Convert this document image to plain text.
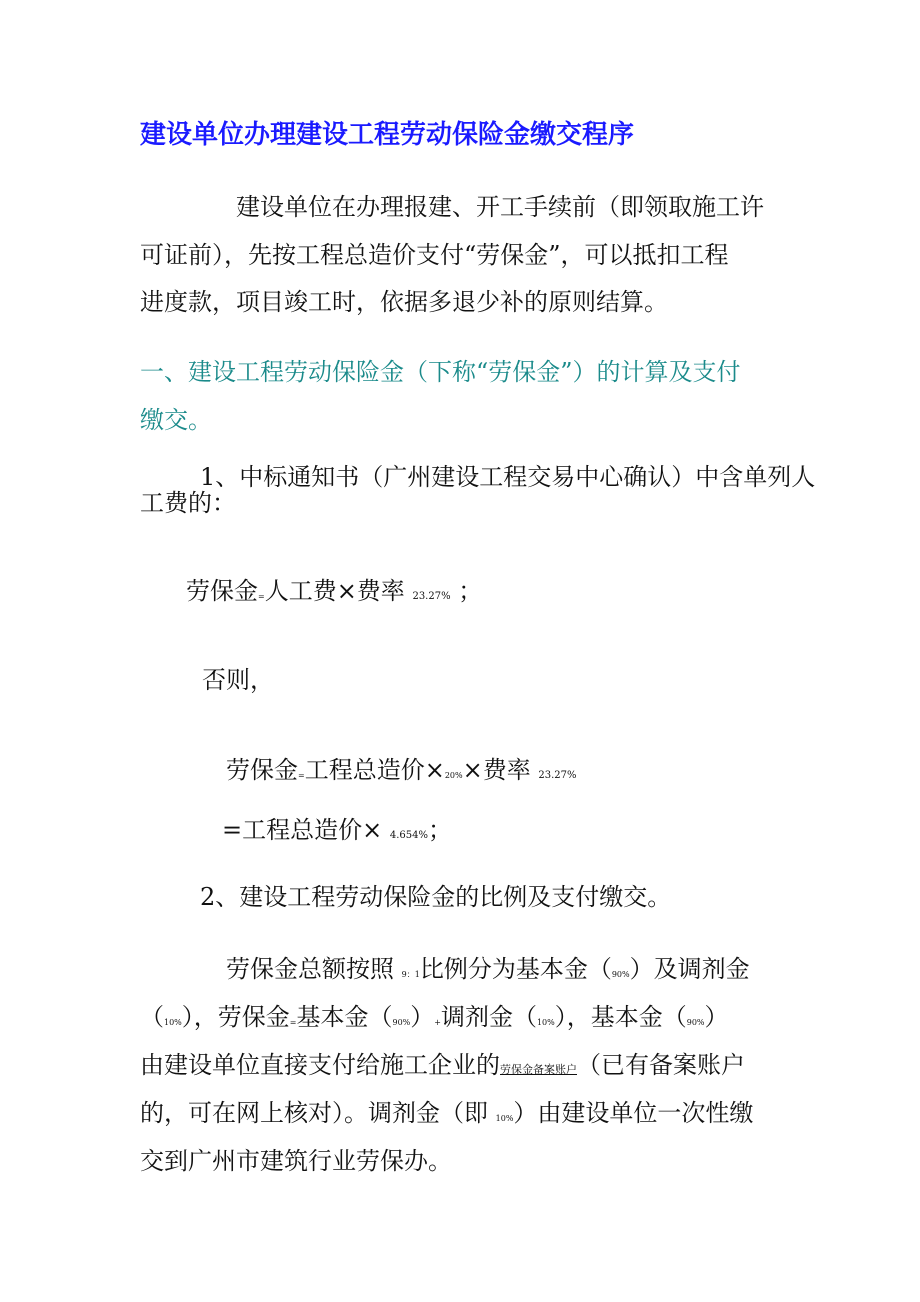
建设单位办理建设工程劳动保险金缴交程序
建设单位在办理报建、开工手续前（即领取施工许
可证前），先按工程总造价支付“劳保金”，可以抵扣工程
进度款，项目竣工时，依据多退少补的原则结算。
一、建设工程劳动保险金（下称“劳保金”）的计算及支付
缴交。
1、中标通知书（广州建设工程交易中心确认）中含单列人
工费的：
劳保金=人工费×费率 23.27% ；
否则，
劳保金=工程总造价×20%×费率 23.27%
=工程总造价× 4.654%；
2、建设工程劳动保险金的比例及支付缴交。
劳保金总额按照 9：1比例分为基本金（90%）及调剂金
（10%），劳保金=基本金（90%）+调剂金（10%），基本金（90%）
由建设单位直接支付给施工企业的劳保金备案账户（已有备案账户
的，可在网上核对）。调剂金（即 10%）由建设单位一次性缴
交到广州市建筑行业劳保办。
